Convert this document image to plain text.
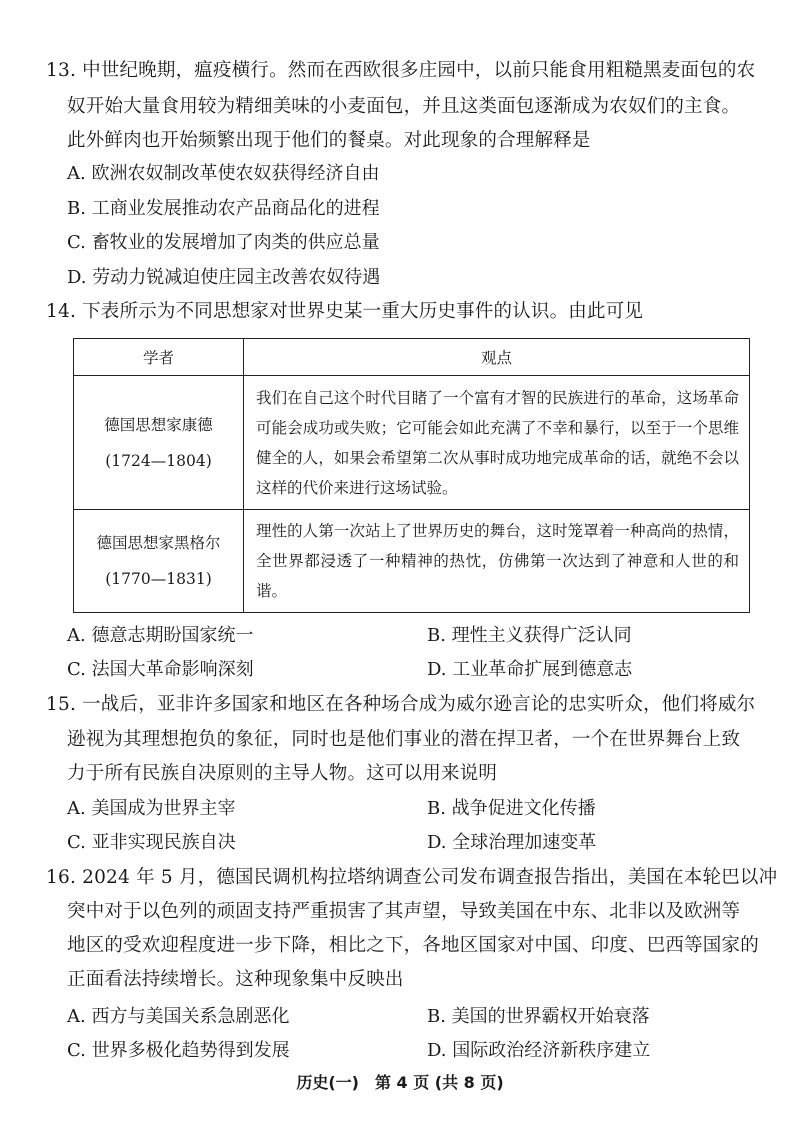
13. 中世纪晚期，瘟疫横行。然而在西欧很多庄园中，以前只能食用粗糙黑麦面包的农
奴开始大量食用较为精细美味的小麦面包，并且这类面包逐渐成为农奴们的主食。
此外鲜肉也开始频繁出现于他们的餐桌。对此现象的合理解释是
A. 欧洲农奴制改革使农奴获得经济自由
B. 工商业发展推动农产品商品化的进程
C. 畜牧业的发展增加了肉类的供应总量
D. 劳动力锐减迫使庄园主改善农奴待遇
14. 下表所示为不同思想家对世界史某一重大历史事件的认识。由此可见
学者	观点

德国思想家康德
(1724—1804)	我们在自己这个时代目睹了一个富有才智的民族进行的革命，这场革命可能会成功或失败；它可能会如此充满了不幸和暴行，以至于一个思维健全的人，如果会希望第二次从事时成功地完成革命的话，就绝不会以这样的代价来进行这场试验。

德国思想家黑格尔
(1770—1831)	理性的人第一次站上了世界历史的舞台，这时笼罩着一种高尚的热情，全世界都浸透了一种精神的热忱，仿佛第一次达到了神意和人世的和谐。
A. 德意志期盼国家统一	B. 理性主义获得广泛认同
C. 法国大革命影响深刻	D. 工业革命扩展到德意志
15. 一战后，亚非许多国家和地区在各种场合成为威尔逊言论的忠实听众，他们将威尔
逊视为其理想抱负的象征，同时也是他们事业的潜在捍卫者，一个在世界舞台上致
力于所有民族自决原则的主导人物。这可以用来说明
A. 美国成为世界主宰	B. 战争促进文化传播
C. 亚非实现民族自决	D. 全球治理加速变革
16. 2024 年 5 月，德国民调机构拉塔纳调查公司发布调查报告指出，美国在本轮巴以冲
突中对于以色列的顽固支持严重损害了其声望，导致美国在中东、北非以及欧洲等
地区的受欢迎程度进一步下降，相比之下，各地区国家对中国、印度、巴西等国家的
正面看法持续增长。这种现象集中反映出
A. 西方与美国关系急剧恶化	B. 美国的世界霸权开始衰落
C. 世界多极化趋势得到发展	D. 国际政治经济新秩序建立
历史(一)　第 4 页 (共 8 页)
